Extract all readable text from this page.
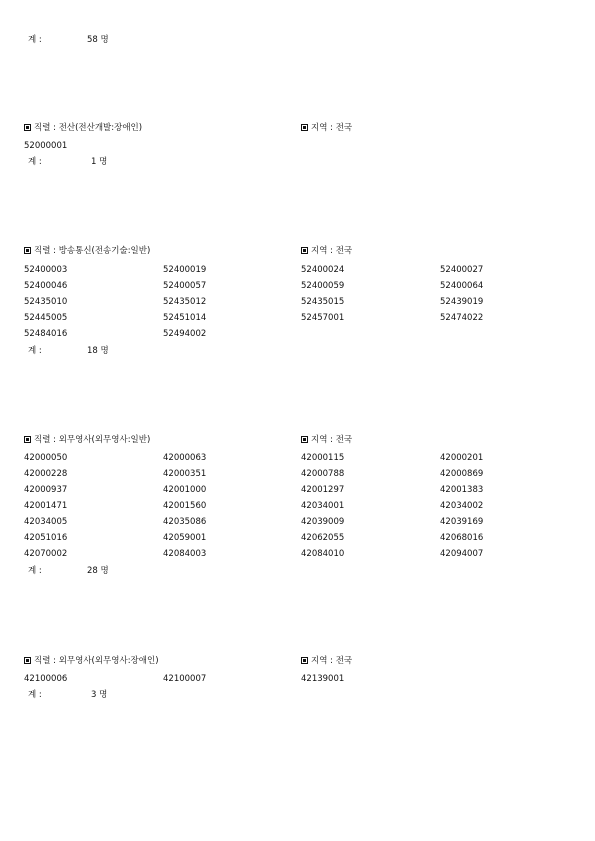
계 :	58 명
직렬 : 전산(전산개발:장애인)	지역 : 전국
52000001
계 :	1 명
직렬 : 방송통신(전송기술:일반)	지역 : 전국
52400003	52400019	52400024	52400027
52400046	52400057	52400059	52400064
52435010	52435012	52435015	52439019
52445005	52451014	52457001	52474022
52484016	52494002
계 :	18 명
직렬 : 외무영사(외무영사:일반)	지역 : 전국
42000050	42000063	42000115	42000201
42000228	42000351	42000788	42000869
42000937	42001000	42001297	42001383
42001471	42001560	42034001	42034002
42034005	42035086	42039009	42039169
42051016	42059001	42062055	42068016
42070002	42084003	42084010	42094007
계 :	28 명
직렬 : 외무영사(외무영사:장애인)	지역 : 전국
42100006	42100007	42139001
계 :	3 명
